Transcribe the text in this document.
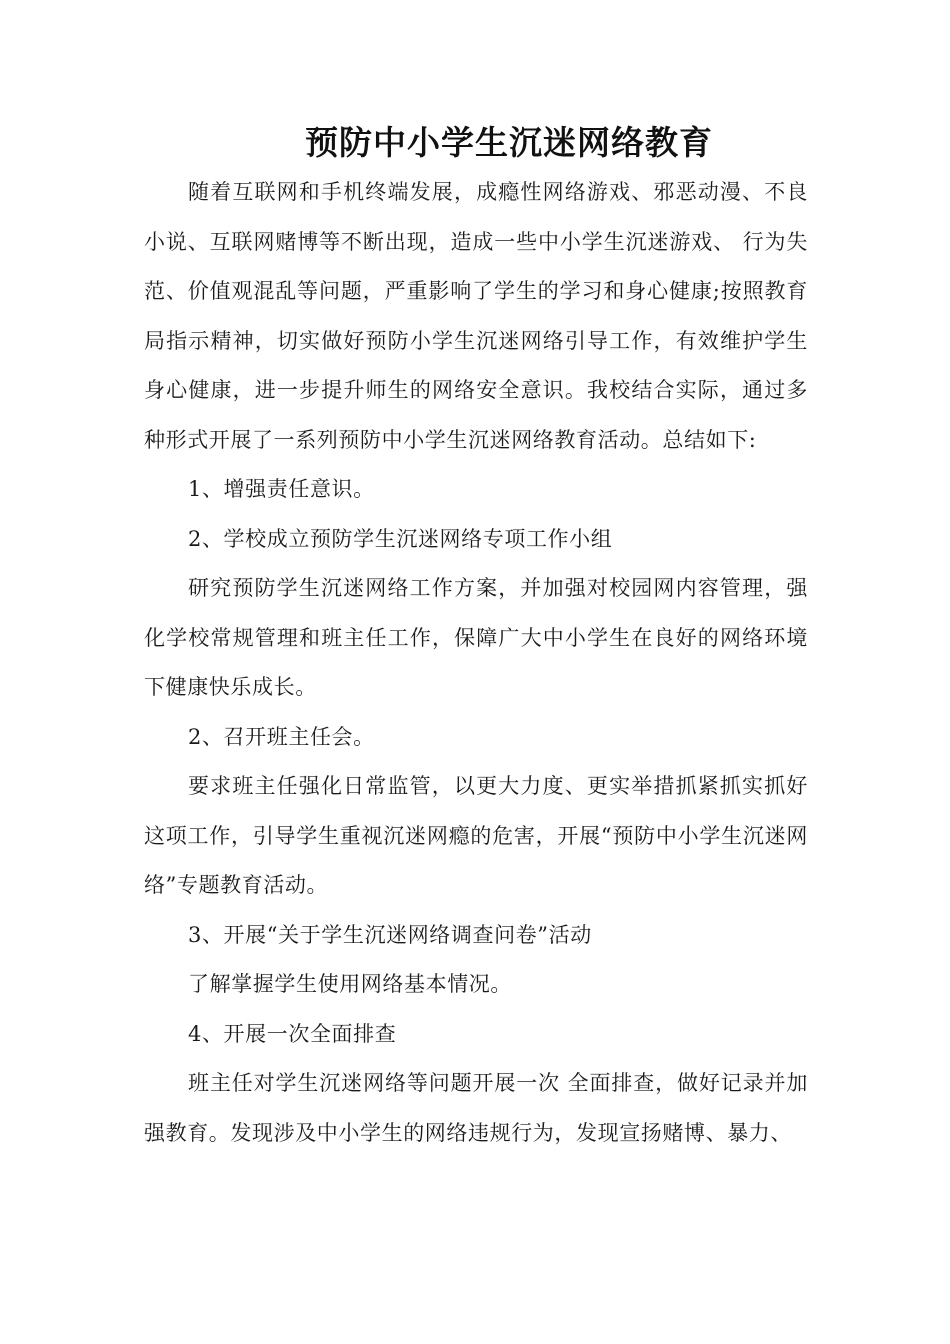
预防中小学生沉迷网络教育

随着互联网和手机终端发展，成瘾性网络游戏、邪恶动漫、不良小说、互联网赌博等不断出现，造成一些中小学生沉迷游戏、 行为失范、价值观混乱等问题，严重影响了学生的学习和身心健康;按照教育局指示精神，切实做好预防小学生沉迷网络引导工作，有效维护学生身心健康，进一步提升师生的网络安全意识。我校结合实际，通过多种形式开展了一系列预防中小学生沉迷网络教育活动。总结如下:

1、增强责任意识。

2、学校成立预防学生沉迷网络专项工作小组

研究预防学生沉迷网络工作方案，并加强对校园网内容管理，强化学校常规管理和班主任工作，保障广大中小学生在良好的网络环境下健康快乐成长。

2、召开班主任会。

要求班主任强化日常监管，以更大力度、更实举措抓紧抓实抓好这项工作，引导学生重视沉迷网瘾的危害，开展“预防中小学生沉迷网络”专题教育活动。

3、开展“关于学生沉迷网络调查问卷”活动

了解掌握学生使用网络基本情况。

4、开展一次全面排查

班主任对学生沉迷网络等问题开展一次 全面排查，做好记录并加强教育。发现涉及中小学生的网络违规行为，发现宣扬赌博、暴力、
